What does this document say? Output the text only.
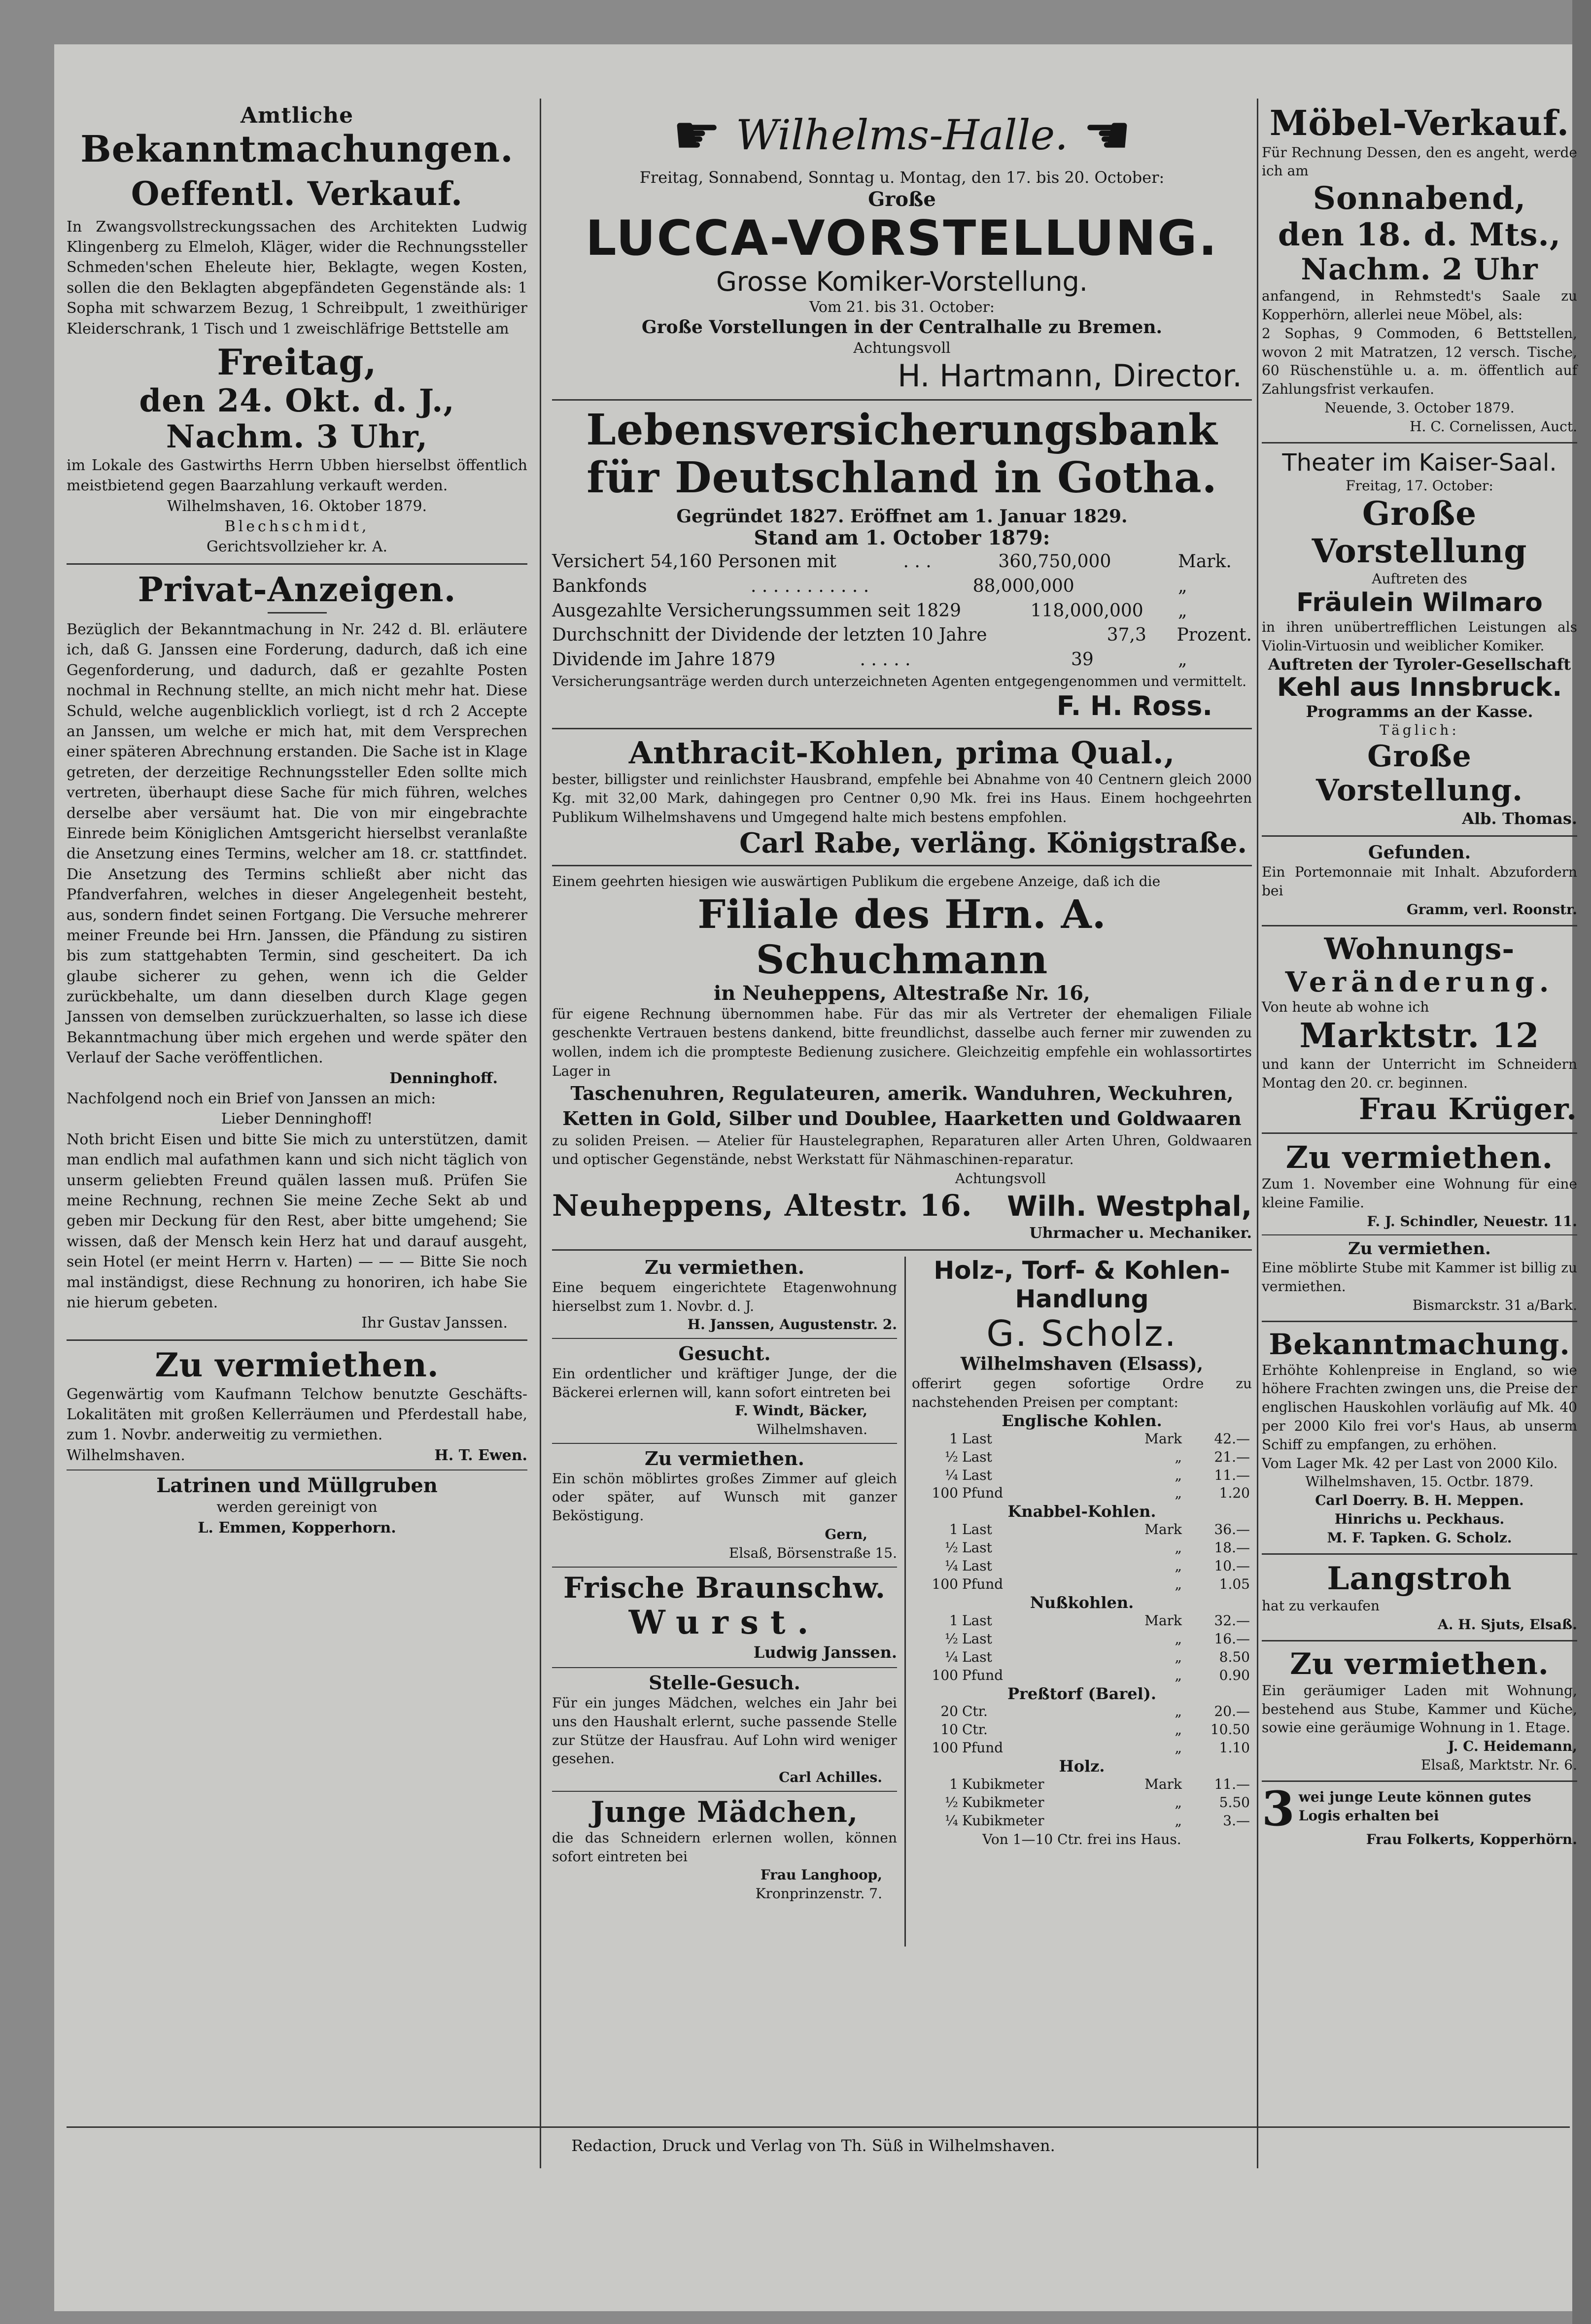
Amtliche

Bekanntmachungen.

Oeffentl. Verkauf.

In Zwangsvollstreckungssachen des Architekten Ludwig Klingenberg zu Elmeloh, Kläger, wider die Rechnungssteller Schmeden'schen Eheleute hier, Beklagte, wegen Kosten, sollen die den Beklagten abgepfändeten Gegenstände als: 1 Sopha mit schwarzem Bezug, 1 Schreibpult, 1 zweithüriger Kleiderschrank, 1 Tisch und 1 zweischläfrige Bettstelle am

Freitag,

den 24. Okt. d. J.,

Nachm. 3 Uhr,

im Lokale des Gastwirths Herrn Ubben hierselbst öffentlich meistbietend gegen Baarzahlung verkauft werden.

Wilhelmshaven, 16. Oktober 1879.

Blechschmidt,

Gerichtsvollzieher kr. A.

Privat-Anzeigen.

Bezüglich der Bekanntmachung in Nr. 242 d. Bl. erläutere ich, daß G. Janssen eine Forderung, dadurch, daß ich eine Gegenforderung, und dadurch, daß er gezahlte Posten nochmal in Rechnung stellte, an mich nicht mehr hat. Diese Schuld, welche augenblicklich vorliegt, ist d rch 2 Accepte an Janssen, um welche er mich hat, mit dem Versprechen einer späteren Abrechnung erstanden. Die Sache ist in Klage getreten, der derzeitige Rechnungssteller Eden sollte mich vertreten, überhaupt diese Sache für mich führen, welches derselbe aber versäumt hat. Die von mir eingebrachte Einrede beim Königlichen Amtsgericht hierselbst veranlaßte die Ansetzung eines Termins, welcher am 18. cr. stattfindet. Die Ansetzung des Termins schließt aber nicht das Pfandverfahren, welches in dieser Angelegenheit besteht, aus, sondern findet seinen Fortgang. Die Versuche mehrerer meiner Freunde bei Hrn. Janssen, die Pfändung zu sistiren bis zum stattgehabten Termin, sind gescheitert. Da ich glaube sicherer zu gehen, wenn ich die Gelder zurückbehalte, um dann dieselben durch Klage gegen Janssen von demselben zurückzuerhalten, so lasse ich diese Bekanntmachung über mich ergehen und werde später den Verlauf der Sache veröffentlichen.

Denninghoff.

Nachfolgend noch ein Brief von Janssen an mich:

Lieber Denninghoff!

Noth bricht Eisen und bitte Sie mich zu unterstützen, damit man endlich mal aufathmen kann und sich nicht täglich von unserm geliebten Freund quälen lassen muß. Prüfen Sie meine Rechnung, rechnen Sie meine Zeche Sekt ab und geben mir Deckung für den Rest, aber bitte umgehend; Sie wissen, daß der Mensch kein Herz hat und darauf ausgeht, sein Hotel (er meint Herrn v. Harten) — — — Bitte Sie noch mal inständigst, diese Rechnung zu honoriren, ich habe Sie nie hierum gebeten.

Ihr Gustav Janssen.

Zu vermiethen.

Gegenwärtig vom Kaufmann Telchow benutzte Geschäfts-Lokalitäten mit großen Kellerräumen und Pferdestall habe, zum 1. Novbr. anderweitig zu vermiethen.

Wilhelmshaven.	H. T. Ewen.

Latrinen und Müllgruben

werden gereinigt von

L. Emmen, Kopperhorn.

☛ Wilhelms-Halle. ☛

Freitag, Sonnabend, Sonntag u. Montag, den 17. bis 20. October:

Große

LUCCA-VORSTELLUNG.

Grosse Komiker-Vorstellung.

Vom 21. bis 31. October:

Große Vorstellungen in der Centralhalle zu Bremen.

Achtungsvoll

H. Hartmann, Director.

Lebensversicherungsbank für Deutschland in Gotha.

Gegründet 1827. Eröffnet am 1. Januar 1829.

Stand am 1. October 1879:

Versichert 54,160 Personen mit	. . .	360,750,000	Mark.
Bankfonds	. . . . . . . . . . .	88,000,000	„
Ausgezahlte Versicherungssummen seit 1829	118,000,000 „
Durchschnitt der Dividende der letzten 10 Jahre	37,3 Prozent.
Dividende im Jahre 1879	. . . . .	39	„

Versicherungsanträge werden durch unterzeichneten Agenten entgegengenommen und vermittelt.

F. H. Ross.

Anthracit-Kohlen, prima Qual.,

bester, billigster und reinlichster Hausbrand, empfehle bei Abnahme von 40 Centnern gleich 2000 Kg. mit 32,00 Mark, dahingegen pro Centner 0,90 Mk. frei ins Haus. Einem hochgeehrten Publikum Wilhelmshavens und Umgegend halte mich bestens empfohlen.

Carl Rabe, verläng. Königstraße.

Einem geehrten hiesigen wie auswärtigen Publikum die ergebene Anzeige, daß ich die

Filiale des Hrn. A. Schuchmann

in Neuheppens, Altestraße Nr. 16,

für eigene Rechnung übernommen habe. Für das mir als Vertreter der ehemaligen Filiale geschenkte Vertrauen bestens dankend, bitte freundlichst, dasselbe auch ferner mir zuwenden zu wollen, indem ich die prompteste Bedienung zusichere. Gleichzeitig empfehle ein wohlassortirtes Lager in

Taschenuhren, Regulateuren, amerik. Wanduhren, Weckuhren, Ketten in Gold, Silber und Doublee, Haarketten und Goldwaaren

zu soliden Preisen. — Atelier für Haustelegraphen, Reparaturen aller Arten Uhren, Goldwaaren und optischer Gegenstände, nebst Werkstatt für Nähmaschinen-reparatur.

Achtungsvoll

Neuheppens, Altestr. 16. Wilh. Westphal,

Uhrmacher u. Mechaniker.

Zu vermiethen.

Eine bequem eingerichtete Etagenwohnung hierselbst zum 1. Novbr. d. J.

H. Janssen, Augustenstr. 2.

Gesucht.

Ein ordentlicher und kräftiger Junge, der die Bäckerei erlernen will, kann sofort eintreten bei

F. Windt, Bäcker,

Wilhelmshaven.

Zu vermiethen.

Ein schön möblirtes großes Zimmer auf gleich oder später, auf Wunsch mit ganzer Beköstigung.

Gern,

Elsaß, Börsenstraße 15.

Frische Braunschw.

Wurst.

Ludwig Janssen.

Stelle-Gesuch.

Für ein junges Mädchen, welches ein Jahr bei uns den Haushalt erlernt, suche passende Stelle zur Stütze der Hausfrau. Auf Lohn wird weniger gesehen.

Carl Achilles.

Junge Mädchen,

die das Schneidern erlernen wollen, können sofort eintreten bei

Frau Langhoop,

Kronprinzenstr. 7.

Holz-, Torf- & Kohlen-Handlung

G. Scholz.

Wilhelmshaven (Elsass),

offerirt gegen sofortige Ordre zu nachstehenden Preisen per comptant:

Englische Kohlen.

1	Last	Mark	42.—
½	Last	„	21.—
¼	Last	„	11.—
100	Pfund	„	1.20

Knabbel-Kohlen.

1	Last	Mark	36.—
½	Last	„	18.—
¼	Last	„	10.—
100	Pfund	„	1.05

Nußkohlen.

1	Last	Mark	32.—
½	Last	„	16.—
¼	Last	„	8.50
100	Pfund	„	0.90

Preßtorf (Barel).

20	Ctr.	„	20.—
10	Ctr.	„	10.50
100	Pfund	„	1.10

Holz.

1	Kubikmeter	Mark	11.—
½	Kubikmeter	„	5.50
¼	Kubikmeter	„	3.—

Von 1—10 Ctr. frei ins Haus.

Möbel-Verkauf.

Für Rechnung Dessen, den es angeht, werde ich am

Sonnabend,

den 18. d. Mts.,

Nachm. 2 Uhr

anfangend, in Rehmstedt's Saale zu Kopperhörn, allerlei neue Möbel, als:

2 Sophas, 9 Commoden, 6 Bettstellen, wovon 2 mit Matratzen, 12 versch. Tische, 60 Rüschenstühle u. a. m. öffentlich auf Zahlungsfrist verkaufen.

Neuende, 3. October 1879.

H. C. Cornelissen, Auct.

Theater im Kaiser-Saal.

Freitag, 17. October:

Große Vorstellung

Auftreten des

Fräulein Wilmaro

in ihren unübertrefflichen Leistungen als Violin-Virtuosin und weiblicher Komiker.

Auftreten der Tyroler-Gesellschaft

Kehl aus Innsbruck.

Programms an der Kasse.

Täglich:

Große Vorstellung.

Alb. Thomas.

Gefunden.

Ein Portemonnaie mit Inhalt. Abzufordern bei

Gramm, verl. Roonstr.

Wohnungs-

Veränderung.

Von heute ab wohne ich

Marktstr. 12

und kann der Unterricht im Schneidern Montag den 20. cr. beginnen.

Frau Krüger.

Zu vermiethen.

Zum 1. November eine Wohnung für eine kleine Familie.

F. J. Schindler, Neuestr. 11.

Zu vermiethen.

Eine möblirte Stube mit Kammer ist billig zu vermiethen.

Bismarckstr. 31 a/Bark.

Bekanntmachung.

Erhöhte Kohlenpreise in England, so wie höhere Frachten zwingen uns, die Preise der englischen Hauskohlen vorläufig auf Mk. 40 per 2000 Kilo frei vor's Haus, ab unserm Schiff zu empfangen, zu erhöhen.

Vom Lager Mk. 42 per Last von 2000 Kilo.

Wilhelmshaven, 15. Octbr. 1879.

Carl Doerry. B. H. Meppen.

Hinrichs u. Peckhaus.

M. F. Tapken. G. Scholz.

Langstroh

hat zu verkaufen

A. H. Sjuts, Elsaß.

Zu vermiethen.

Ein geräumiger Laden mit Wohnung, bestehend aus Stube, Kammer und Küche, sowie eine geräumige Wohnung in 1. Etage.

J. C. Heidemann,

Elsaß, Marktstr. Nr. 6.

3 wei junge Leute können gutes

Logis erhalten bei

Frau Folkerts, Kopperhörn.

Redaction, Druck und Verlag von Th. Süß in Wilhelmshaven.
